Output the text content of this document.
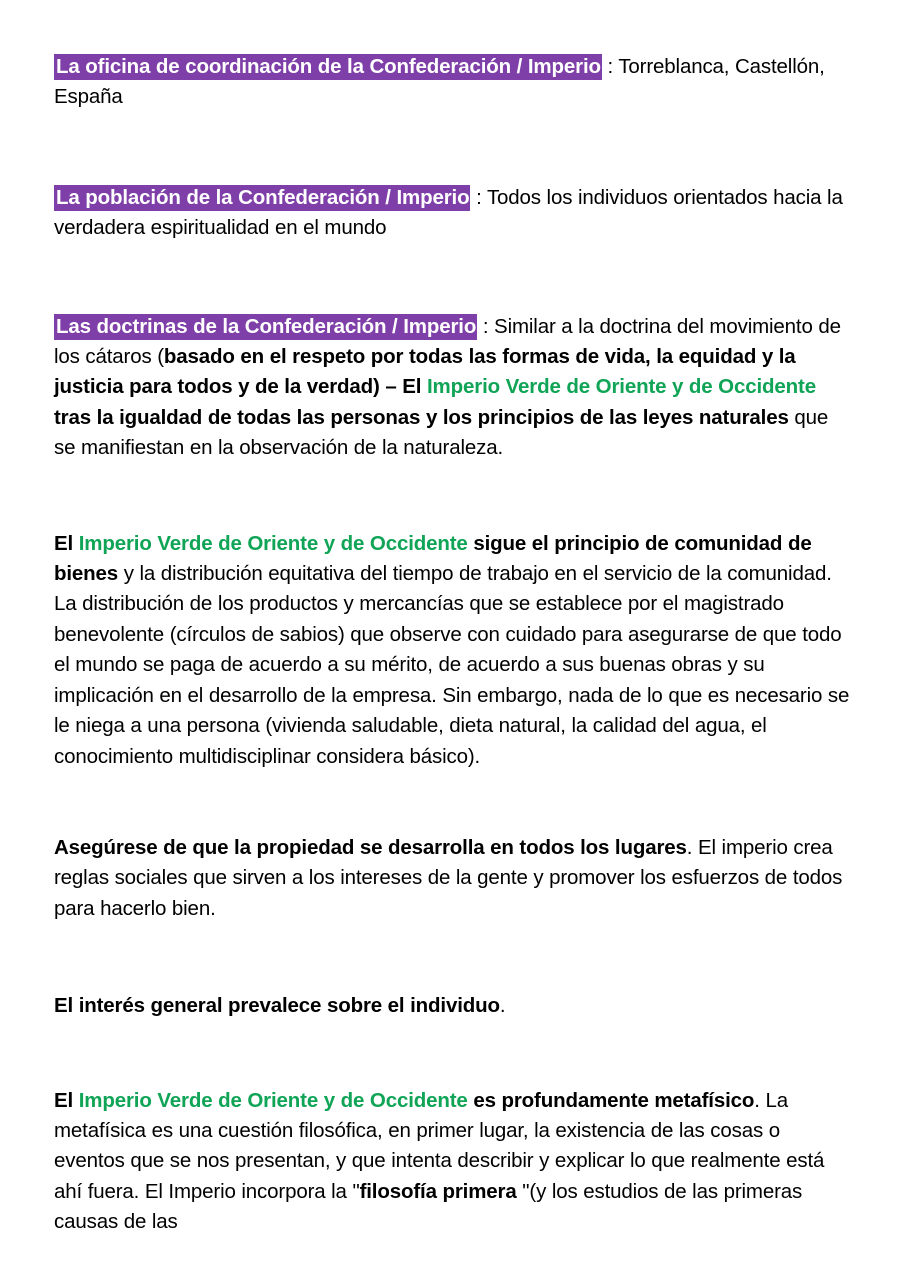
La oficina de coordinación de la Confederación / Imperio : Torreblanca, Castellón, España

La población de la Confederación / Imperio : Todos los individuos orientados hacia la verdadera espiritualidad en el mundo

Las doctrinas de la Confederación / Imperio : Similar a la doctrina del movimiento de los cátaros (basado en el respeto por todas las formas de vida, la equidad y la justicia para todos y de la verdad) – El Imperio Verde de Oriente y de Occidente tras la igualdad de todas las personas y los principios de las leyes naturales que se manifiestan en la observación de la naturaleza.

El Imperio Verde de Oriente y de Occidente sigue el principio de comunidad de bienes y la distribución equitativa del tiempo de trabajo en el servicio de la comunidad. La distribución de los productos y mercancías que se establece por el magistrado benevolente (círculos de sabios) que observe con cuidado para asegurarse de que todo el mundo se paga de acuerdo a su mérito, de acuerdo a sus buenas obras y su implicación en el desarrollo de la empresa. Sin embargo, nada de lo que es necesario se le niega a una persona (vivienda saludable, dieta natural, la calidad del agua, el conocimiento multidisciplinar considera básico).

Asegúrese de que la propiedad se desarrolla en todos los lugares. El imperio crea reglas sociales que sirven a los intereses de la gente y promover los esfuerzos de todos para hacerlo bien.

El interés general prevalece sobre el individuo.

El Imperio Verde de Oriente y de Occidente es profundamente metafísico. La metafísica es una cuestión filosófica, en primer lugar, la existencia de las cosas o eventos que se nos presentan, y que intenta describir y explicar lo que realmente está ahí fuera. El Imperio incorpora la "filosofía primera "(y los estudios de las primeras causas de las
